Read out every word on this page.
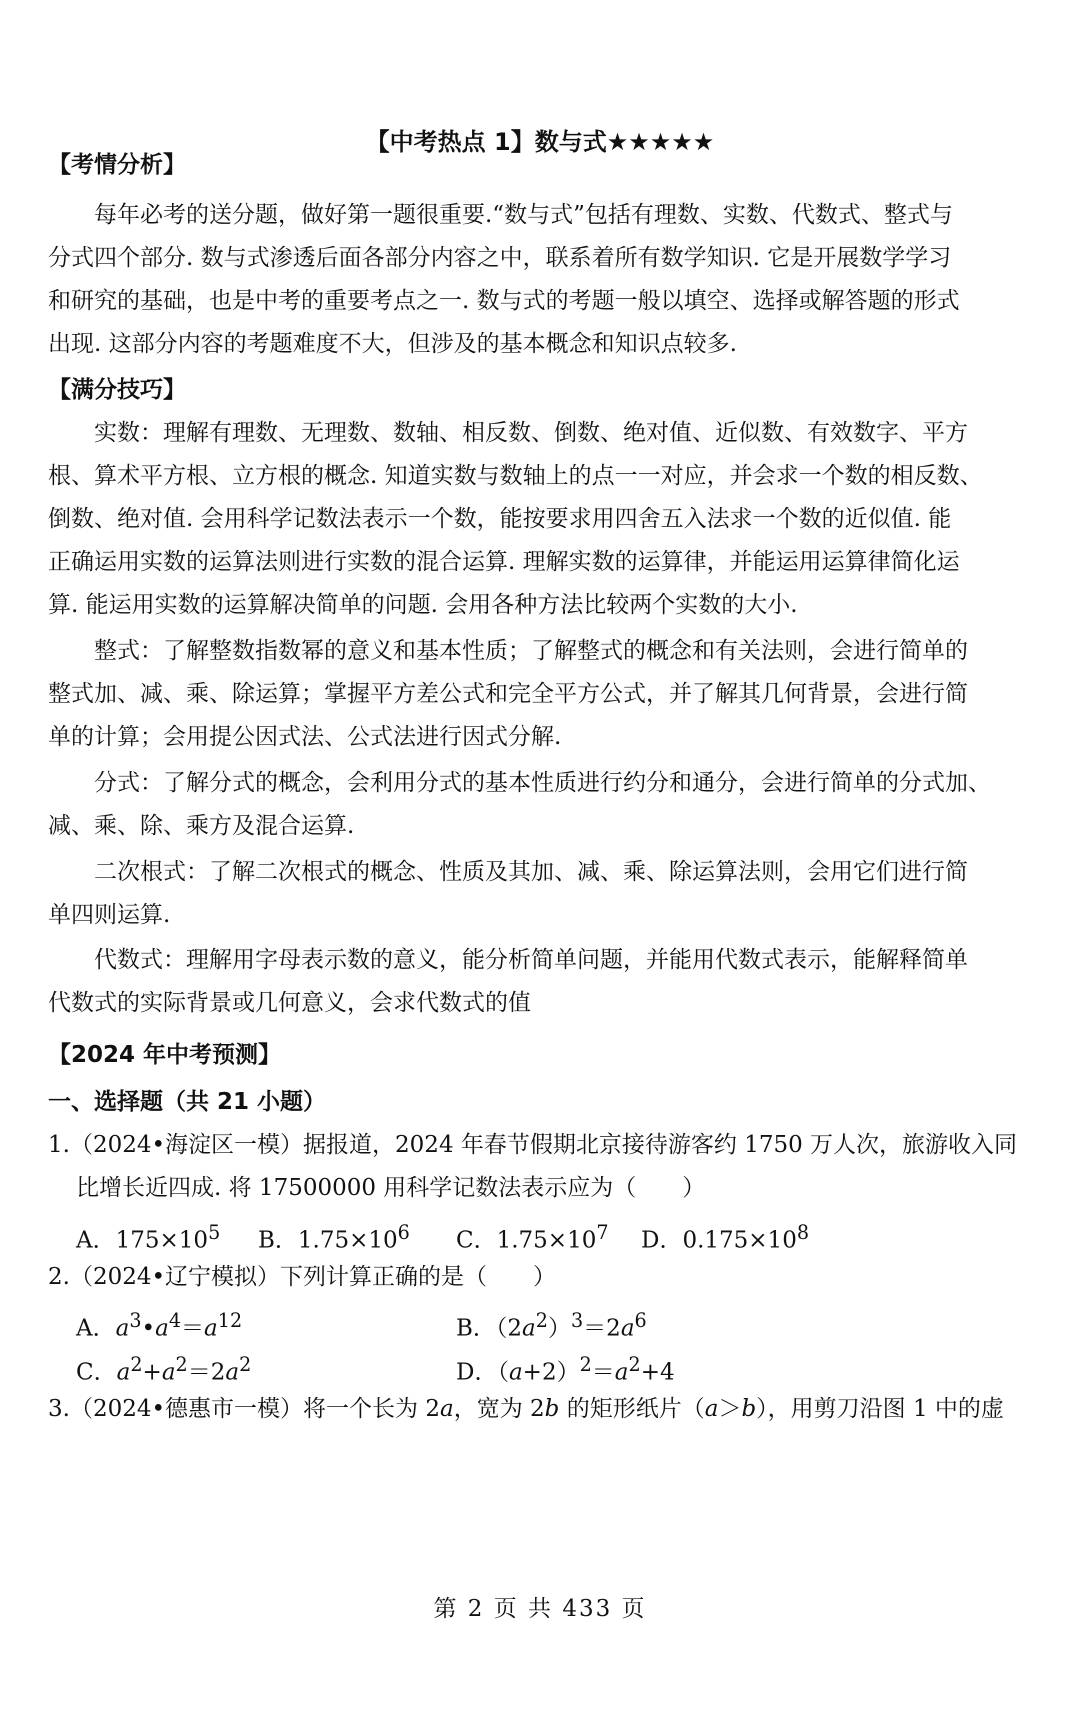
【中考热点 1】数与式★★★★★
【考情分析】
每年必考的送分题，做好第一题很重要.“数与式”包括有理数、实数、代数式、整式与
分式四个部分. 数与式渗透后面各部分内容之中，联系着所有数学知识. 它是开展数学学习
和研究的基础，也是中考的重要考点之一. 数与式的考题一般以填空、选择或解答题的形式
出现. 这部分内容的考题难度不大，但涉及的基本概念和知识点较多.
【满分技巧】
实数：理解有理数、无理数、数轴、相反数、倒数、绝对值、近似数、有效数字、平方
根、算术平方根、立方根的概念. 知道实数与数轴上的点一一对应，并会求一个数的相反数、
倒数、绝对值. 会用科学记数法表示一个数，能按要求用四舍五入法求一个数的近似值. 能
正确运用实数的运算法则进行实数的混合运算. 理解实数的运算律，并能运用运算律简化运
算. 能运用实数的运算解决简单的问题. 会用各种方法比较两个实数的大小.
整式：了解整数指数幂的意义和基本性质；了解整式的概念和有关法则，会进行简单的
整式加、减、乘、除运算；掌握平方差公式和完全平方公式，并了解其几何背景，会进行简
单的计算；会用提公因式法、公式法进行因式分解.
分式：了解分式的概念，会利用分式的基本性质进行约分和通分，会进行简单的分式加、
减、乘、除、乘方及混合运算.
二次根式：了解二次根式的概念、性质及其加、减、乘、除运算法则，会用它们进行简
单四则运算.
代数式：理解用字母表示数的意义，能分析简单问题，并能用代数式表示，能解释简单
代数式的实际背景或几何意义，会求代数式的值
【2024 年中考预测】
一、选择题（共 21 小题）
1.（2024•海淀区一模）据报道，2024 年春节假期北京接待游客约 1750 万人次，旅游收入同
比增长近四成. 将 17500000 用科学记数法表示应为（　　）
A．$175\times 10^5$ B．$1.75\times 10^6$ C．$1.75\times 10^7$ D．$0.175\times 10^8$
2.（2024•辽宁模拟）下列计算正确的是（　　）
A．$a^3•a^4=a^{12}$	B．$(2a^2)^3=2a^6$
C．$a^2+a^2=2a^2$	D．$(a+2)^2=a^2+4$
3.（2024•德惠市一模）将一个长为 2a，宽为 2b 的矩形纸片（a＞b），用剪刀沿图 1 中的虚
第 2 页 共 433 页
